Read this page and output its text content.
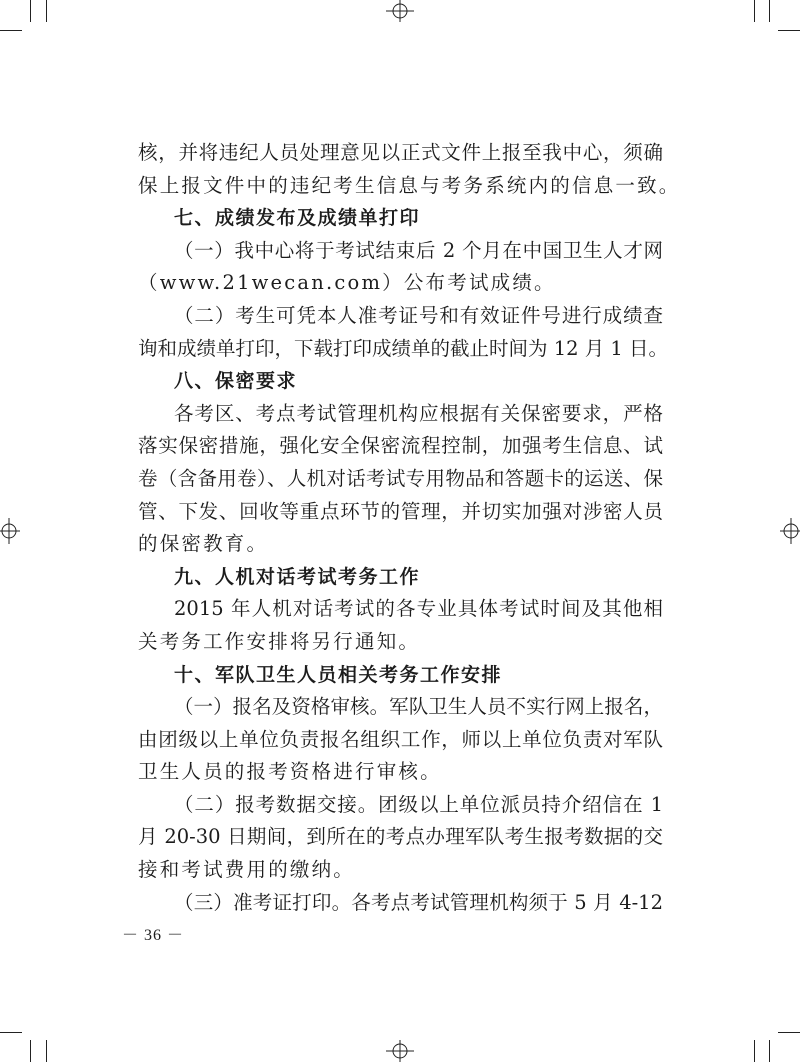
核，并将违纪人员处理意见以正式文件上报至我中心，须确
保上报文件中的违纪考生信息与考务系统内的信息一致。
七、成绩发布及成绩单打印
（一）我中心将于考试结束后 2 个月在中国卫生人才网
（www.21wecan.com）公布考试成绩。
（二）考生可凭本人准考证号和有效证件号进行成绩查
询和成绩单打印，下载打印成绩单的截止时间为 12 月 1 日。
八、保密要求
各考区、考点考试管理机构应根据有关保密要求，严格
落实保密措施，强化安全保密流程控制，加强考生信息、试
卷（含备用卷）、人机对话考试专用物品和答题卡的运送、保
管、下发、回收等重点环节的管理，并切实加强对涉密人员
的保密教育。
九、人机对话考试考务工作
2015 年人机对话考试的各专业具体考试时间及其他相
关考务工作安排将另行通知。
十、军队卫生人员相关考务工作安排
（一）报名及资格审核。军队卫生人员不实行网上报名，
由团级以上单位负责报名组织工作，师以上单位负责对军队
卫生人员的报考资格进行审核。
（二）报考数据交接。团级以上单位派员持介绍信在 1
月 20-30 日期间，到所在的考点办理军队考生报考数据的交
接和考试费用的缴纳。
（三）准考证打印。各考点考试管理机构须于 5 月 4-12
－ 36 －
